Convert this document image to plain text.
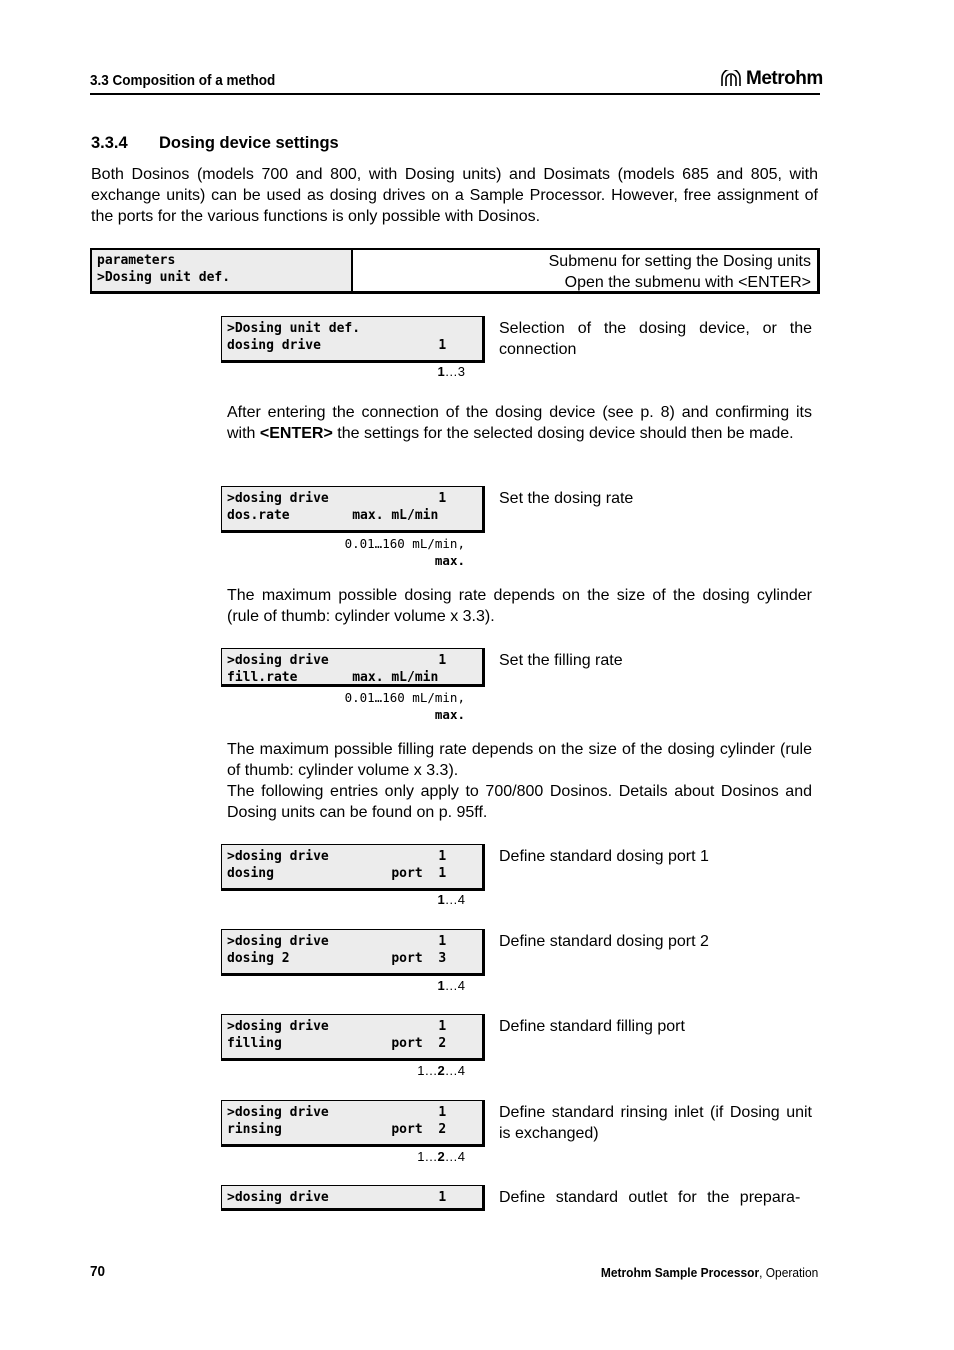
3.3 Composition of a method	Metrohm
3.3.4 Dosing device settings
Both Dosinos (models 700 and 800, with Dosing units) and Dosimats (models 685 and 805, with exchange units) can be used as dosing drives on a Sample Processor. However, free assignment of the ports for the various functions is only possible with Dosinos.
parameters
>Dosing unit def.
Submenu for setting the Dosing units
Open the submenu with <ENTER>
>Dosing unit def.
dosing drive               1
1…3
Selection of the dosing device, or the connection
After entering the connection of the dosing device (see p. 8) and confirming its with <ENTER> the settings for the selected dosing device should then be made.
>dosing drive              1
dos.rate        max. mL/min
0.01…160 mL/min,
max.
Set the dosing rate
The maximum possible dosing rate depends on the size of the dosing cylinder (rule of thumb: cylinder volume x 3.3).
>dosing drive              1
fill.rate       max. mL/min
0.01…160 mL/min,
max.
Set the filling rate
The maximum possible filling rate depends on the size of the dosing cylinder (rule of thumb: cylinder volume x 3.3).
The following entries only apply to 700/800 Dosinos. Details about Dosinos and Dosing units can be found on p. 95ff.
>dosing drive              1
dosing               port  1
1…4
Define standard dosing port 1
>dosing drive              1
dosing 2             port  3
1…4
Define standard dosing port 2
>dosing drive              1
filling              port  2
1…2…4
Define standard filling port
>dosing drive              1
rinsing              port  2
1…2…4
Define standard rinsing inlet (if Dosing unit is exchanged)
>dosing drive              1	Define standard outlet for the prepara-
70	Metrohm Sample Processor, Operation
